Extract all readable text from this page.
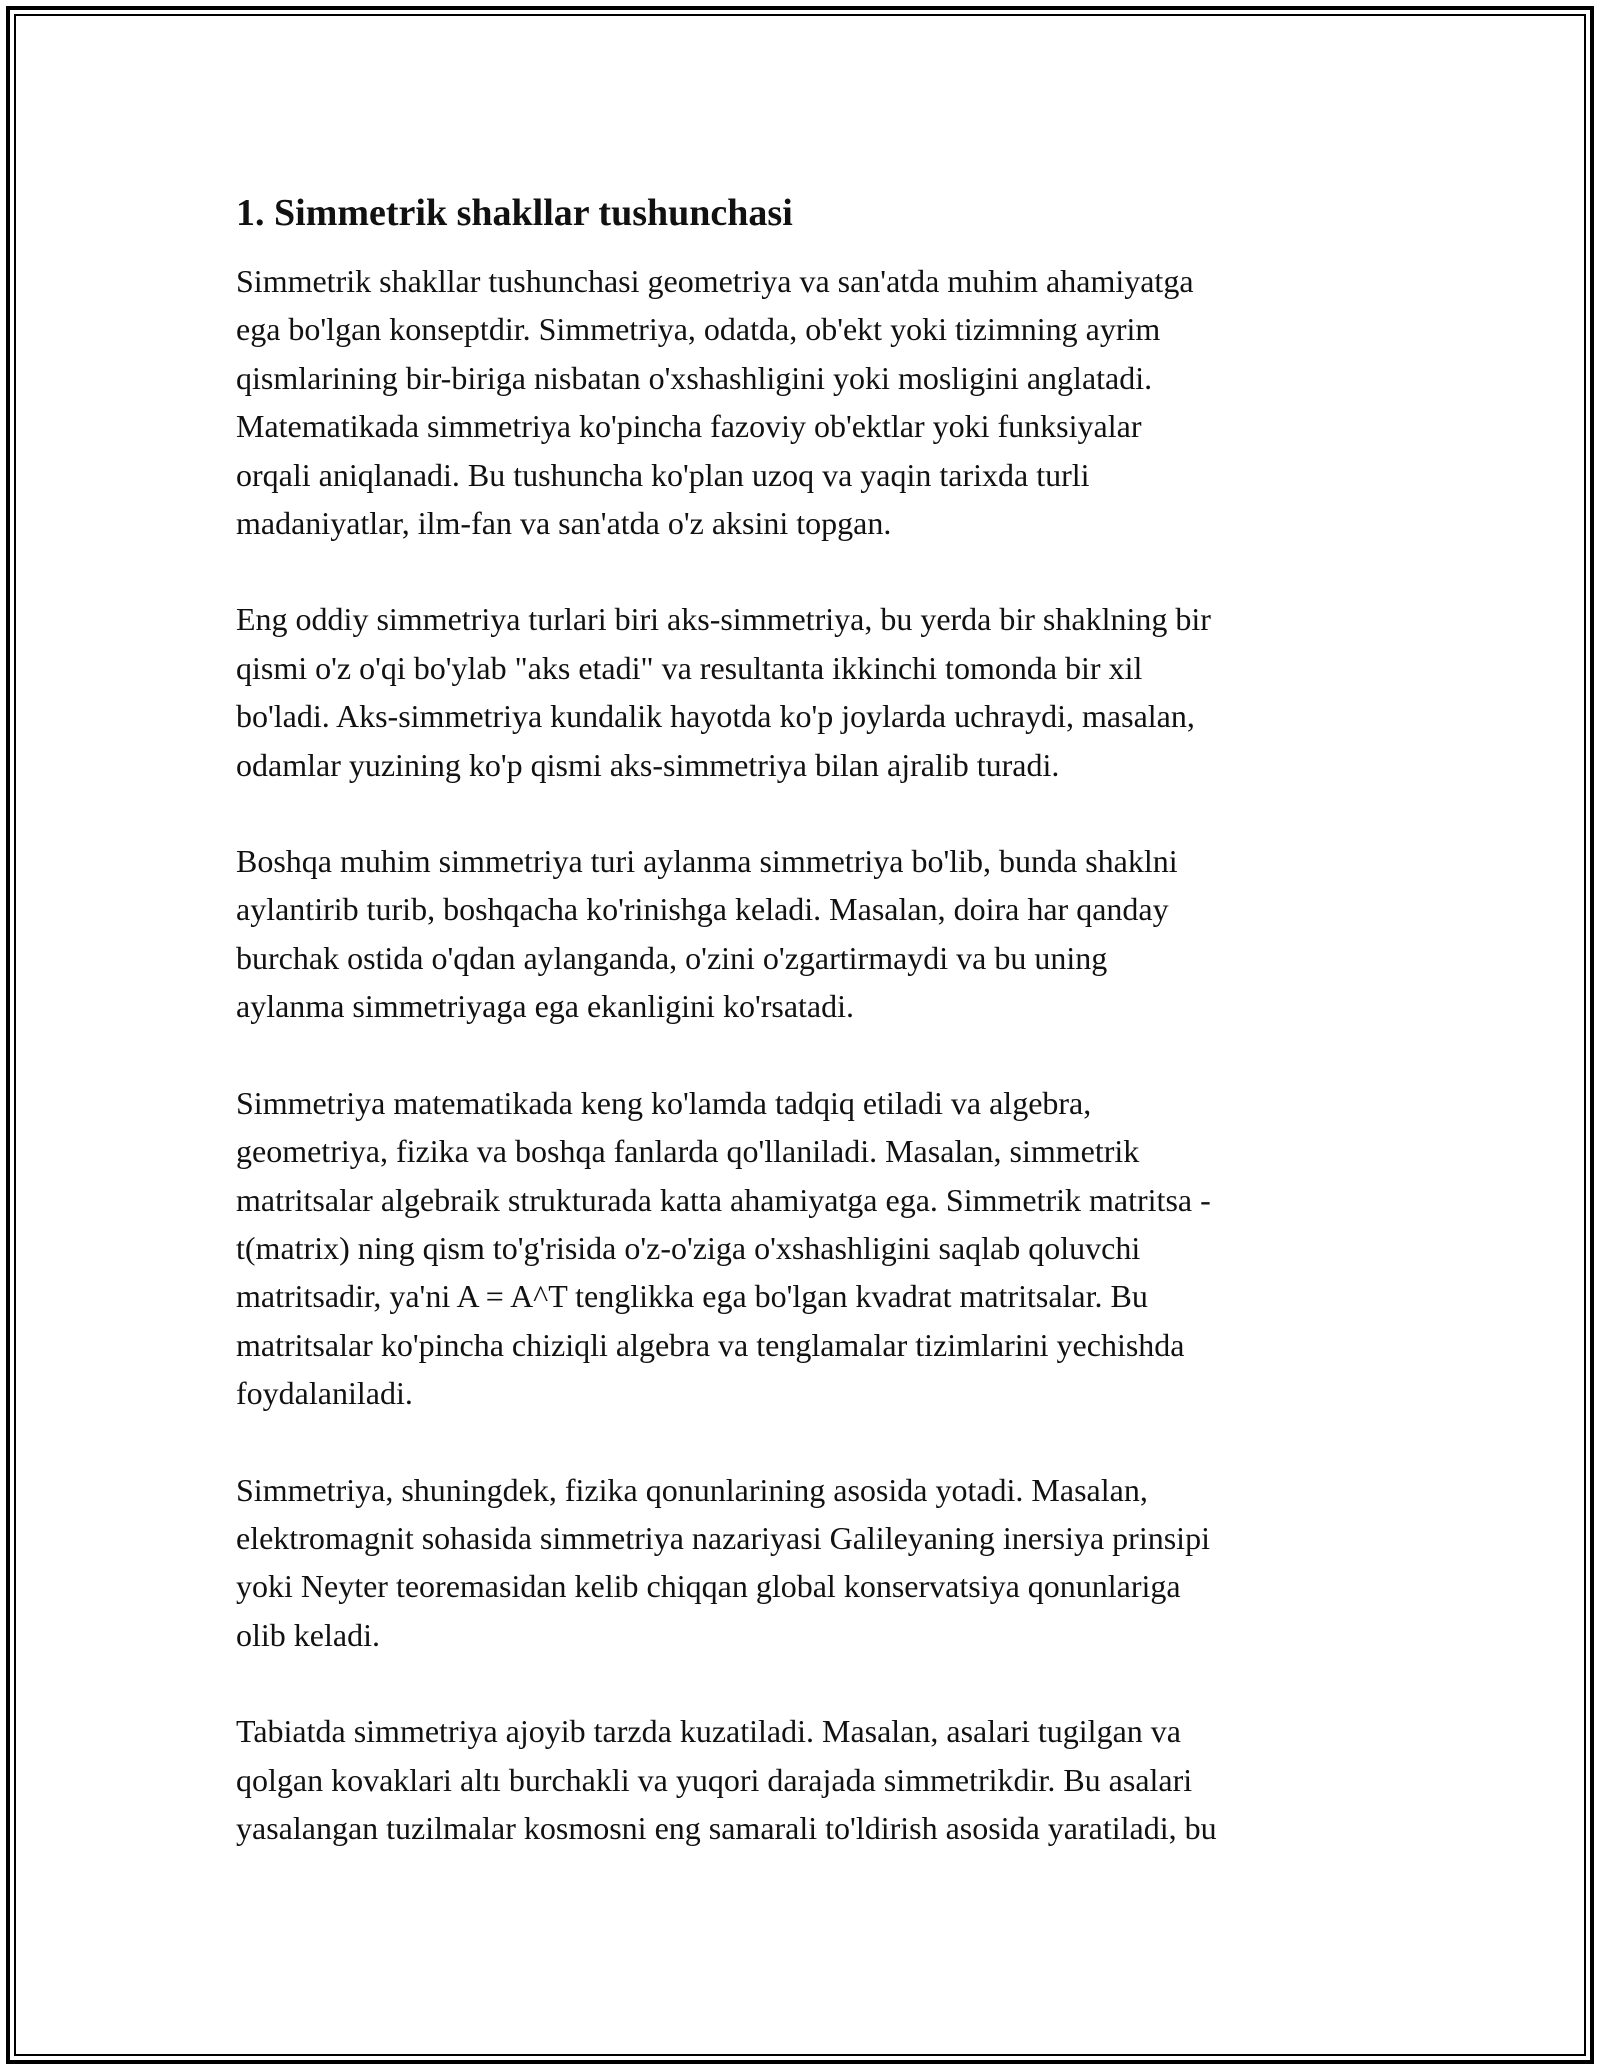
1. Simmetrik shakllar tushunchasi

Simmetrik shakllar tushunchasi geometriya va san'atda muhim ahamiyatga
ega bo'lgan konseptdir. Simmetriya, odatda, ob'ekt yoki tizimning ayrim
qismlarining bir-biriga nisbatan o'xshashligini yoki mosligini anglatadi.
Matematikada simmetriya ko'pincha fazoviy ob'ektlar yoki funksiyalar
orqali aniqlanadi. Bu tushuncha ko'plan uzoq va yaqin tarixda turli
madaniyatlar, ilm-fan va san'atda o'z aksini topgan.

Eng oddiy simmetriya turlari biri aks-simmetriya, bu yerda bir shaklning bir
qismi o'z o'qi bo'ylab "aks etadi" va resultanta ikkinchi tomonda bir xil
bo'ladi. Aks-simmetriya kundalik hayotda ko'p joylarda uchraydi, masalan,
odamlar yuzining ko'p qismi aks-simmetriya bilan ajralib turadi.

Boshqa muhim simmetriya turi aylanma simmetriya bo'lib, bunda shaklni
aylantirib turib, boshqacha ko'rinishga keladi. Masalan, doira har qanday
burchak ostida o'qdan aylanganda, o'zini o'zgartirmaydi va bu uning
aylanma simmetriyaga ega ekanligini ko'rsatadi.

Simmetriya matematikada keng ko'lamda tadqiq etiladi va algebra,
geometriya, fizika va boshqa fanlarda qo'llaniladi. Masalan, simmetrik
matritsalar algebraik strukturada katta ahamiyatga ega. Simmetrik matritsa -
t(matrix) ning qism to'g'risida o'z-o'ziga o'xshashligini saqlab qoluvchi
matritsadir, ya'ni A = A^T tenglikka ega bo'lgan kvadrat matritsalar. Bu
matritsalar ko'pincha chiziqli algebra va tenglamalar tizimlarini yechishda
foydalaniladi.

Simmetriya, shuningdek, fizika qonunlarining asosida yotadi. Masalan,
elektromagnit sohasida simmetriya nazariyasi Galileyaning inersiya prinsipi
yoki Neyter teoremasidan kelib chiqqan global konservatsiya qonunlariga
olib keladi.

Tabiatda simmetriya ajoyib tarzda kuzatiladi. Masalan, asalari tugilgan va
qolgan kovaklari altı burchakli va yuqori darajada simmetrikdir. Bu asalari
yasalangan tuzilmalar kosmosni eng samarali to'ldirish asosida yaratiladi, bu
